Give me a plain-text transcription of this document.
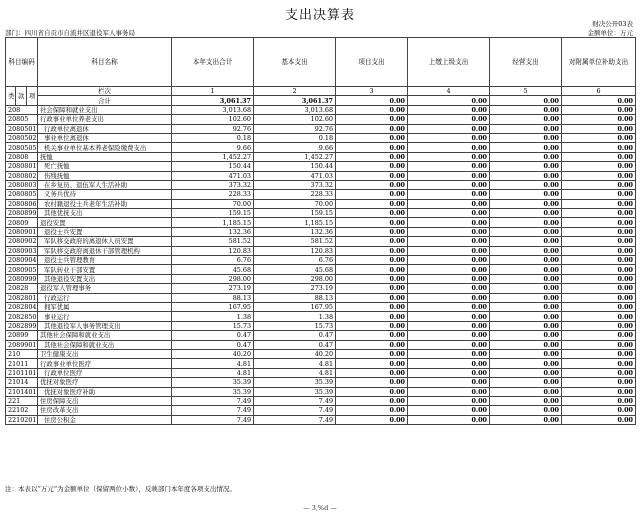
支出决算表
财决公开03表
部门：四川省自贡市自流井区退役军人事务局	金额单位：万元
科目编码			科目名称	本年支出合计	基本支出	项目支出	上缴上级支出	经营支出	对附属单位补助支出
类	款	项	栏次	1	2	3	4	5	6
			合计	3,061.37	3,061.37	0.00	0.00	0.00	0.00
208			社会保障和就业支出	3,013.68	3,013.68	0.00	0.00	0.00	0.00
20805			行政事业单位养老支出	102.60	102.60	0.00	0.00	0.00	0.00
2080501			行政单位离退休	92.76	92.76	0.00	0.00	0.00	0.00
2080502			事业单位离退休	0.18	0.18	0.00	0.00	0.00	0.00
2080505			机关事业单位基本养老保险缴费支出	9.66	9.66	0.00	0.00	0.00	0.00
20808			抚恤	1,452.27	1,452.27	0.00	0.00	0.00	0.00
2080801			死亡抚恤	150.44	150.44	0.00	0.00	0.00	0.00
2080802			伤残抚恤	471.03	471.03	0.00	0.00	0.00	0.00
2080803			在乡复员、退伍军人生活补助	373.32	373.32	0.00	0.00	0.00	0.00
2080805			义务兵优待	228.33	228.33	0.00	0.00	0.00	0.00
2080806			农村籍退役士兵老年生活补助	70.00	70.00	0.00	0.00	0.00	0.00
2080899			其他优抚支出	159.15	159.15	0.00	0.00	0.00	0.00
20809			退役安置	1,185.15	1,185.15	0.00	0.00	0.00	0.00
2080901			退役士兵安置	132.36	132.36	0.00	0.00	0.00	0.00
2080902			军队移交政府的离退休人员安置	581.52	581.52	0.00	0.00	0.00	0.00
2080903			军队移交政府离退休干部管理机构	120.83	120.83	0.00	0.00	0.00	0.00
2080904			退役士兵管理教育	6.76	6.76	0.00	0.00	0.00	0.00
2080905			军队转业干部安置	45.68	45.68	0.00	0.00	0.00	0.00
2080999			其他退役安置支出	298.00	298.00	0.00	0.00	0.00	0.00
20828			退役军人管理事务	273.19	273.19	0.00	0.00	0.00	0.00
2082801			行政运行	88.13	88.13	0.00	0.00	0.00	0.00
2082804			拥军优属	167.95	167.95	0.00	0.00	0.00	0.00
2082850			事业运行	1.38	1.38	0.00	0.00	0.00	0.00
2082899			其他退役军人事务管理支出	15.73	15.73	0.00	0.00	0.00	0.00
20899			其他社会保障和就业支出	0.47	0.47	0.00	0.00	0.00	0.00
2089901			其他社会保障和就业支出	0.47	0.47	0.00	0.00	0.00	0.00
210			卫生健康支出	40.20	40.20	0.00	0.00	0.00	0.00
21011			行政事业单位医疗	4.81	4.81	0.00	0.00	0.00	0.00
2101101			行政单位医疗	4.81	4.81	0.00	0.00	0.00	0.00
21014			优抚对象医疗	35.39	35.39	0.00	0.00	0.00	0.00
2101401			优抚对象医疗补助	35.39	35.39	0.00	0.00	0.00	0.00
221			住房保障支出	7.49	7.49	0.00	0.00	0.00	0.00
22102			住房改革支出	7.49	7.49	0.00	0.00	0.00	0.00
2210201			住房公积金	7.49	7.49	0.00	0.00	0.00	0.00
注：本表以“万元”为金额单位（保留两位小数），反映部门本年度各项支出情况。
— 3,%d —
